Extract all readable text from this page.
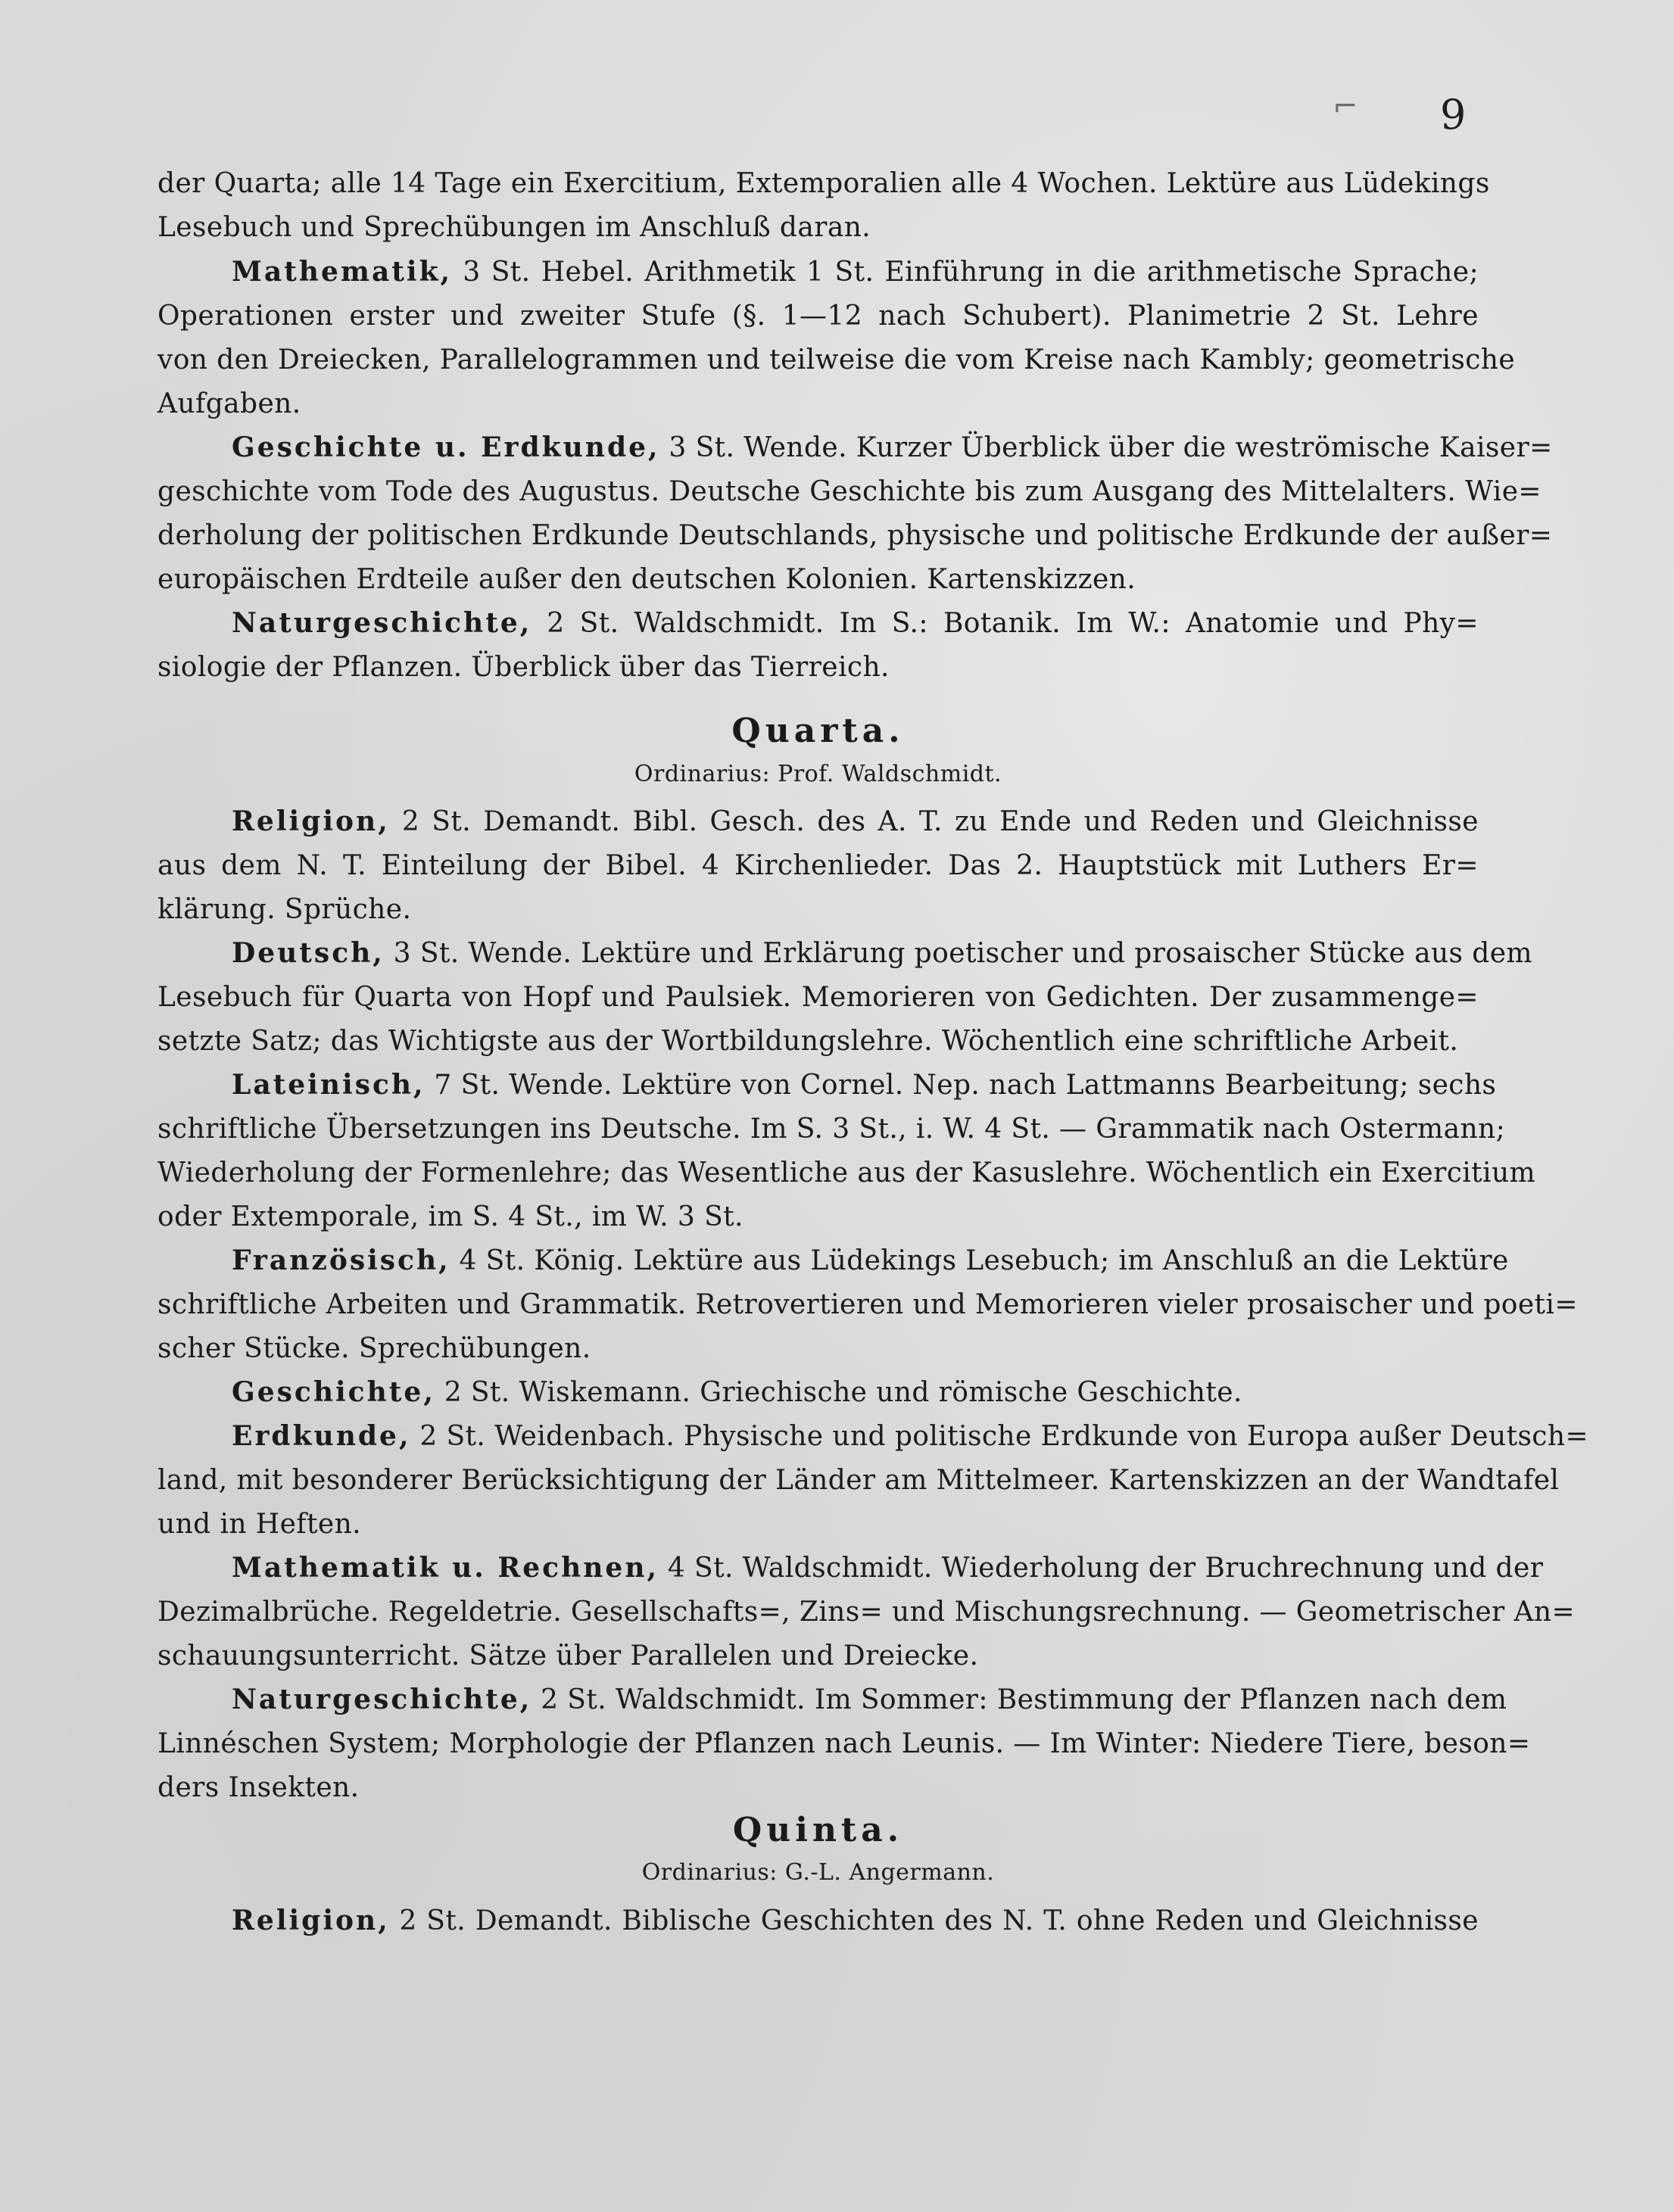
9
⌐
der Quarta; alle 14 Tage ein Exercitium, Extemporalien alle 4 Wochen. Lektüre aus Lüdekings
Lesebuch und Sprechübungen im Anschluß daran.
Mathematik, 3 St. Hebel. Arithmetik 1 St. Einführung in die arithmetische Sprache;
Operationen erster und zweiter Stufe (§. 1—12 nach Schubert). Planimetrie 2 St. Lehre
von den Dreiecken, Parallelogrammen und teilweise die vom Kreise nach Kambly; geometrische
Aufgaben.
Geschichte u. Erdkunde, 3 St. Wende. Kurzer Überblick über die weströmische Kaiser=
geschichte vom Tode des Augustus. Deutsche Geschichte bis zum Ausgang des Mittelalters. Wie=
derholung der politischen Erdkunde Deutschlands, physische und politische Erdkunde der außer=
europäischen Erdteile außer den deutschen Kolonien. Kartenskizzen.
Naturgeschichte, 2 St. Waldschmidt. Im S.: Botanik. Im W.: Anatomie und Phy=
siologie der Pflanzen. Überblick über das Tierreich.
Quarta.
Ordinarius: Prof. Waldschmidt.
Religion, 2 St. Demandt. Bibl. Gesch. des A. T. zu Ende und Reden und Gleichnisse
aus dem N. T. Einteilung der Bibel. 4 Kirchenlieder. Das 2. Hauptstück mit Luthers Er=
klärung. Sprüche.
Deutsch, 3 St. Wende. Lektüre und Erklärung poetischer und prosaischer Stücke aus dem
Lesebuch für Quarta von Hopf und Paulsiek. Memorieren von Gedichten. Der zusammenge=
setzte Satz; das Wichtigste aus der Wortbildungslehre. Wöchentlich eine schriftliche Arbeit.
Lateinisch, 7 St. Wende. Lektüre von Cornel. Nep. nach Lattmanns Bearbeitung; sechs
schriftliche Übersetzungen ins Deutsche. Im S. 3 St., i. W. 4 St. — Grammatik nach Ostermann;
Wiederholung der Formenlehre; das Wesentliche aus der Kasuslehre. Wöchentlich ein Exercitium
oder Extemporale, im S. 4 St., im W. 3 St.
Französisch, 4 St. König. Lektüre aus Lüdekings Lesebuch; im Anschluß an die Lektüre
schriftliche Arbeiten und Grammatik. Retrovertieren und Memorieren vieler prosaischer und poeti=
scher Stücke. Sprechübungen.
Geschichte, 2 St. Wiskemann. Griechische und römische Geschichte.
Erdkunde, 2 St. Weidenbach. Physische und politische Erdkunde von Europa außer Deutsch=
land, mit besonderer Berücksichtigung der Länder am Mittelmeer. Kartenskizzen an der Wandtafel
und in Heften.
Mathematik u. Rechnen, 4 St. Waldschmidt. Wiederholung der Bruchrechnung und der
Dezimalbrüche. Regeldetrie. Gesellschafts=, Zins= und Mischungsrechnung. — Geometrischer An=
schauungsunterricht. Sätze über Parallelen und Dreiecke.
Naturgeschichte, 2 St. Waldschmidt. Im Sommer: Bestimmung der Pflanzen nach dem
Linnéschen System; Morphologie der Pflanzen nach Leunis. — Im Winter: Niedere Tiere, beson=
ders Insekten.
Quinta.
Ordinarius: G.-L. Angermann.
Religion, 2 St. Demandt. Biblische Geschichten des N. T. ohne Reden und Gleichnisse
